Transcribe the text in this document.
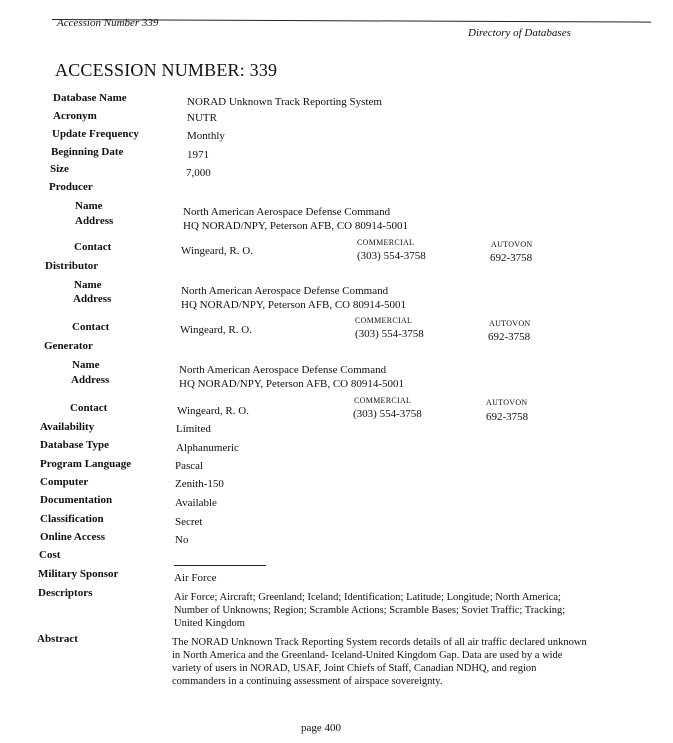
Accession Number 339
Directory of Databases
ACCESSION NUMBER: 339
Database Name	NORAD Unknown Track Reporting System
Acronym	NUTR
Update Frequency	Monthly
Beginning Date	1971
Size	7,000
Producer
Name	North American Aerospace Defense Command
Address	HQ NORAD/NPY, Peterson AFB, CO 80914-5001
COMMERCIAL	AUTOVON
Contact	Wingeard, R. O.	(303) 554-3758	692-3758
Distributor
Name	North American Aerospace Defense Command
Address	HQ NORAD/NPY, Peterson AFB, CO 80914-5001
COMMERCIAL	AUTOVON
Contact	Wingeard, R. O.	(303) 554-3758	692-3758
Generator
Name	North American Aerospace Defense Command
Address	HQ NORAD/NPY, Peterson AFB, CO 80914-5001
COMMERCIAL	AUTOVON
Contact	Wingeard, R. O.	(303) 554-3758	692-3758
Availability	Limited
Database Type	Alphanumeric
Program Language	Pascal
Computer	Zenith-150
Documentation	Available
Classification	Secret
Online Access	No
Cost
Military Sponsor	Air Force
Descriptors	Air Force; Aircraft; Greenland; Iceland; Identification; Latitude; Longitude; North America; Number of Unknowns; Region; Scramble Actions; Scramble Bases; Soviet Traffic; Tracking; United Kingdom
Abstract	The NORAD Unknown Track Reporting System records details of all air traffic declared unknown in North America and the Greenland- Iceland-United Kingdom Gap. Data are used by a wide variety of users in NORAD, USAF, Joint Chiefs of Staff, Canadian NDHQ, and region commanders in a continuing assessment of airspace sovereignty.
page 400
